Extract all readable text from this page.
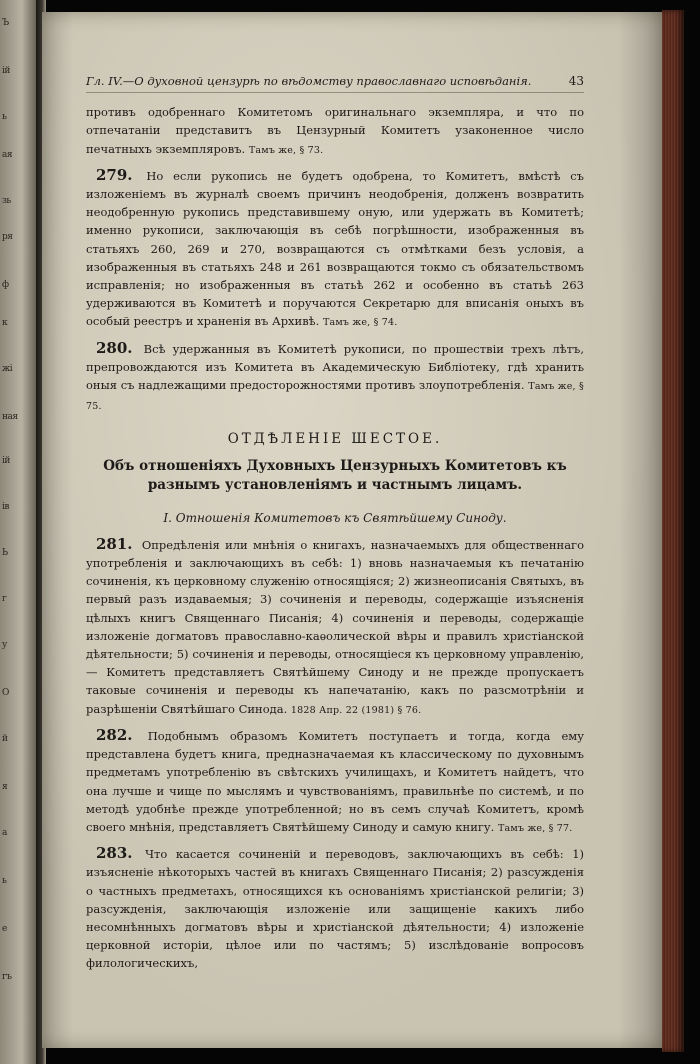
Ъ
ій
ь
ая
зь
ря
ф
к
жі
ная
ій
ів
Ь
г
у
О
й
я
а
ь
е
гъ
Гл. IV.—О духовной цензурѣ по вѣдомству православнаго исповѣданія.	43

противъ одобреннаго Комитетомъ оригинальнаго экземпляра, и что по отпечатаніи представитъ въ Цензурный Комитетъ узаконенное число печатныхъ экземпляровъ. Тамъ же, § 73.

279. Но если рукопись не будетъ одобрена, то Комитетъ, вмѣстѣ съ изложеніемъ въ журналѣ своемъ причинъ неодобренія, долженъ возвратить неодобренную рукопись представившему оную, или удержать въ Комитетѣ; именно рукописи, заключающія въ себѣ погрѣшности, изображенныя въ статьяхъ 260, 269 и 270, возвращаются съ отмѣтками безъ условія, а изображенныя въ статьяхъ 248 и 261 возвращаются токмо съ обязательствомъ исправленія; но изображенныя въ статьѣ 262 и особенно въ статьѣ 263 удерживаются въ Комитетѣ и поручаются Секретарю для вписанія оныхъ въ особый реестръ и храненія въ Архивѣ. Тамъ же, § 74.

280. Всѣ удержанныя въ Комитетѣ рукописи, по прошествіи трехъ лѣтъ, препровождаются изъ Комитета въ Академическую Библіотеку, гдѣ хранить оныя съ надлежащими предосторожностями противъ злоупотребленія. Тамъ же, § 75.

ОТДѢЛЕНІЕ ШЕСТОЕ.
Объ отношеніяхъ Духовныхъ Цензурныхъ Комитетовъ къ разнымъ установленіямъ и частнымъ лицамъ.
I. Отношенія Комитетовъ къ Святѣйшему Синоду.

281. Опредѣленія или мнѣнія о книгахъ, назначаемыхъ для общественнаго употребленія и заключающихъ въ себѣ: 1) вновь назначаемыя къ печатанію сочиненія, къ церковному служенію относящіяся; 2) жизнеописанія Святыхъ, въ первый разъ издаваемыя; 3) сочиненія и переводы, содержащіе изъясненія цѣлыхъ книгъ Священнаго Писанія; 4) сочиненія и переводы, содержащіе изложеніе догматовъ православно-каѳолической вѣры и правилъ христіанской дѣятельности; 5) сочиненія и переводы, относящіеся къ церковному управленію,— Комитетъ представляетъ Святѣйшему Синоду и не прежде пропускаетъ таковые сочиненія и переводы къ напечатанію, какъ по разсмотрѣніи и разрѣшеніи Святѣйшаго Синода. 1828 Апр. 22 (1981) § 76.

282. Подобнымъ образомъ Комитетъ поступаетъ и тогда, когда ему представлена будетъ книга, предназначаемая къ классическому по духовнымъ предметамъ употребленію въ свѣтскихъ училищахъ, и Комитетъ найдетъ, что она лучше и чище по мыслямъ и чувствованіямъ, правильнѣе по системѣ, и по методѣ удобнѣе прежде употребленной; но въ семъ случаѣ Комитетъ, кромѣ своего мнѣнія, представляетъ Святѣйшему Синоду и самую книгу. Тамъ же, § 77.

283. Что касается сочиненій и переводовъ, заключающихъ въ себѣ: 1) изъясненіе нѣкоторыхъ частей въ книгахъ Священнаго Писанія; 2) разсужденія о частныхъ предметахъ, относящихся къ основаніямъ христіанской религіи; 3) разсужденія, заключающія изложеніе или защищеніе какихъ либо несомнѣнныхъ догматовъ вѣры и христіанской дѣятельности; 4) изложеніе церковной исторіи, цѣлое или по частямъ; 5) изслѣдованіе вопросовъ филологическихъ,
